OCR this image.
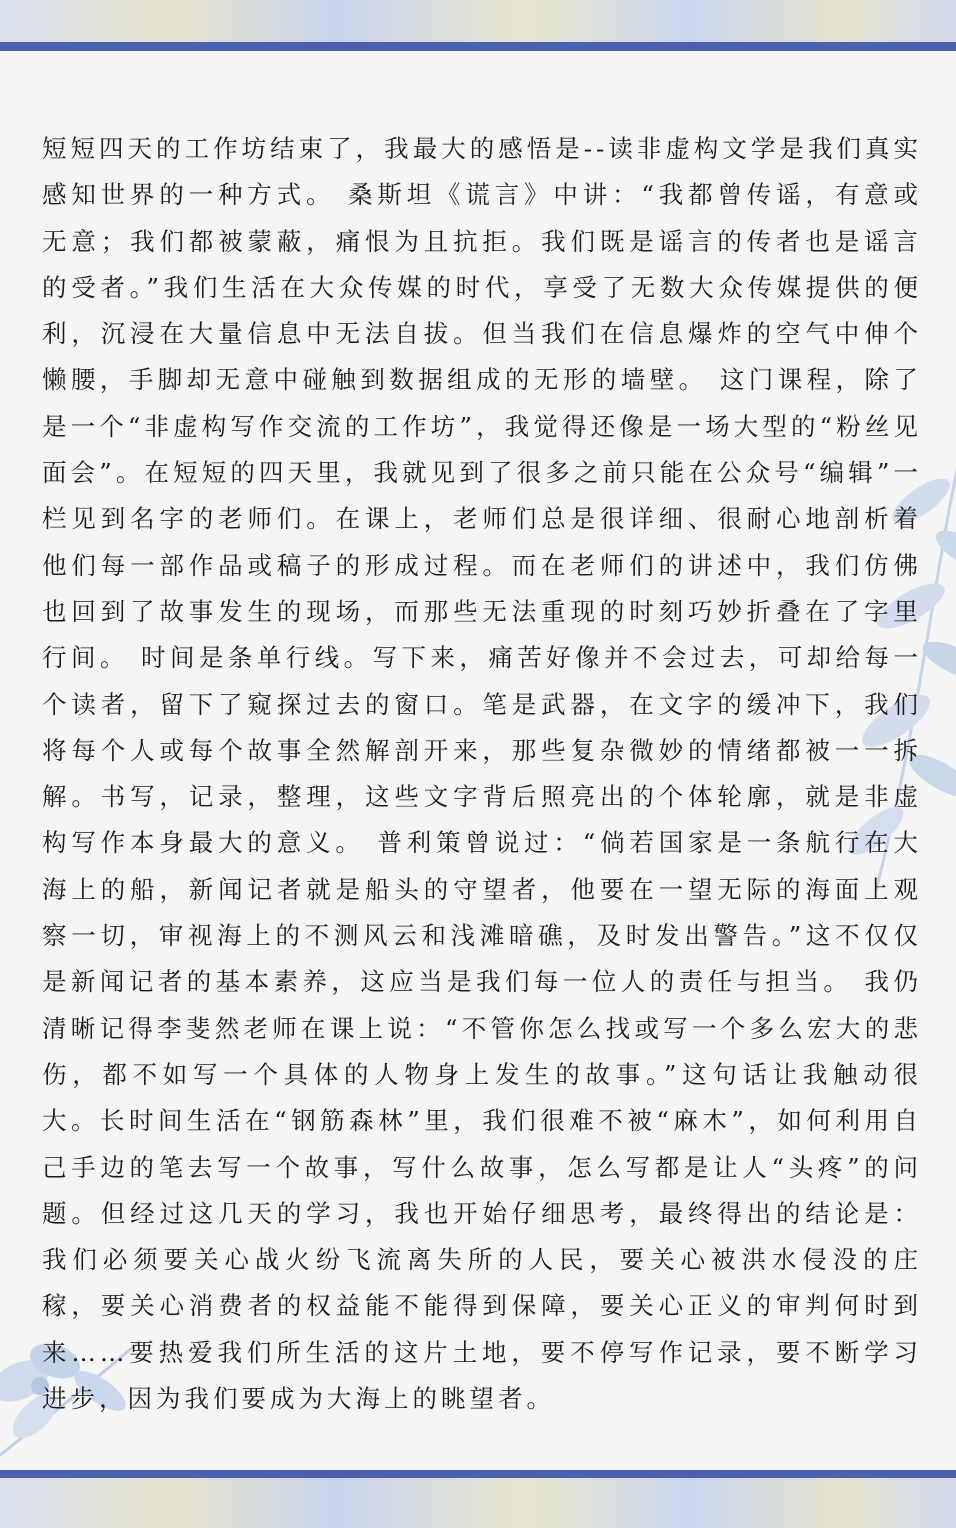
短短四天的工作坊结束了，我最大的感悟是--读非虚构文学是我们真实感知世界的一种方式。 桑斯坦《谎言》中讲：“我都曾传谣，有意或无意；我们都被蒙蔽，痛恨为且抗拒。我们既是谣言的传者也是谣言的受者。”我们生活在大众传媒的时代，享受了无数大众传媒提供的便利，沉浸在大量信息中无法自拔。但当我们在信息爆炸的空气中伸个懒腰，手脚却无意中碰触到数据组成的无形的墙壁。 这门课程，除了是一个“非虚构写作交流的工作坊”，我觉得还像是一场大型的“粉丝见面会”。在短短的四天里，我就见到了很多之前只能在公众号“编辑”一栏见到名字的老师们。在课上，老师们总是很详细、很耐心地剖析着他们每一部作品或稿子的形成过程。而在老师们的讲述中，我们仿佛也回到了故事发生的现场，而那些无法重现的时刻巧妙折叠在了字里行间。 时间是条单行线。写下来，痛苦好像并不会过去，可却给每一个读者，留下了窥探过去的窗口。笔是武器，在文字的缓冲下，我们将每个人或每个故事全然解剖开来，那些复杂微妙的情绪都被一一拆解。书写，记录，整理，这些文字背后照亮出的个体轮廓，就是非虚构写作本身最大的意义。 普利策曾说过：“倘若国家是一条航行在大海上的船，新闻记者就是船头的守望者，他要在一望无际的海面上观察一切，审视海上的不测风云和浅滩暗礁，及时发出警告。”这不仅仅是新闻记者的基本素养，这应当是我们每一位人的责任与担当。 我仍清晰记得李斐然老师在课上说：“不管你怎么找或写一个多么宏大的悲伤，都不如写一个具体的人物身上发生的故事。”这句话让我触动很大。长时间生活在“钢筋森林”里，我们很难不被“麻木”，如何利用自己手边的笔去写一个故事，写什么故事，怎么写都是让人“头疼”的问题。但经过这几天的学习，我也开始仔细思考，最终得出的结论是：我们必须要关心战火纷飞流离失所的人民，要关心被洪水侵没的庄稼，要关心消费者的权益能不能得到保障，要关心正义的审判何时到来……要热爱我们所生活的这片土地，要不停写作记录，要不断学习进步，因为我们要成为大海上的眺望者。
